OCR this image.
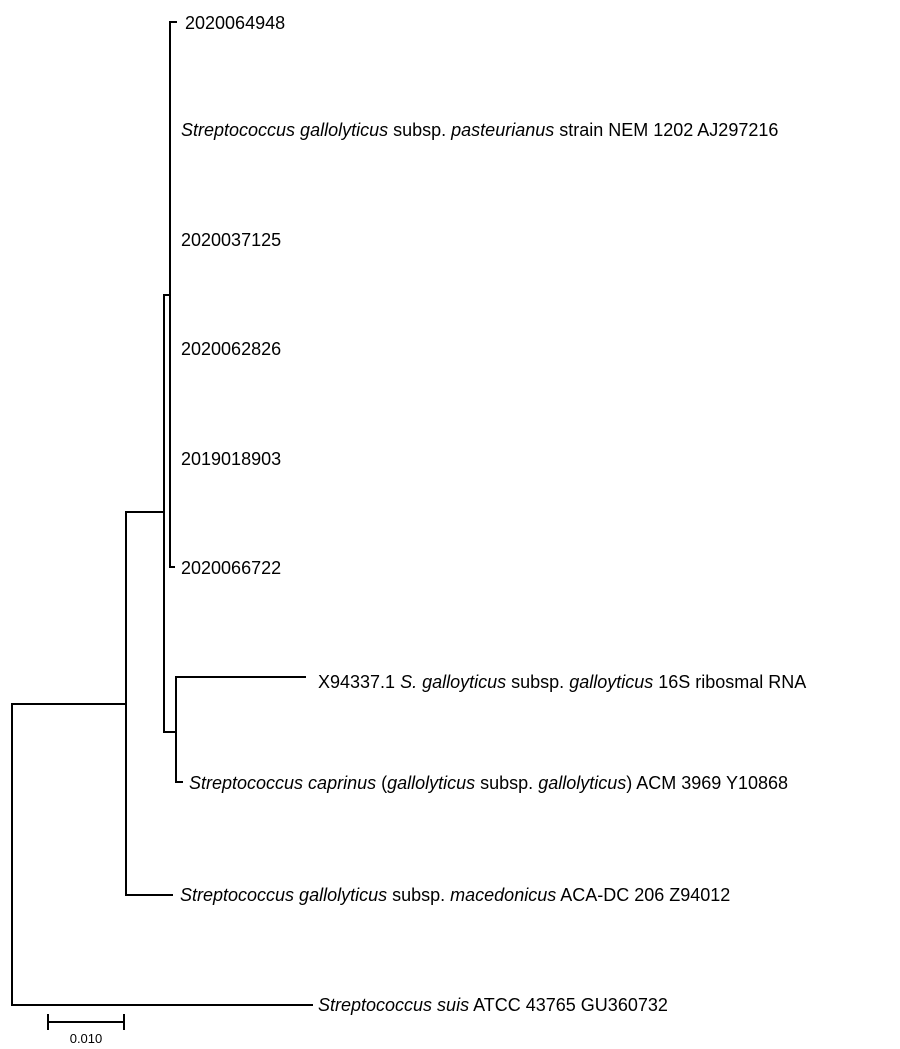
2020064948
Streptococcus gallolyticus subsp. pasteurianus strain NEM 1202 AJ297216
2020037125
2020062826
2019018903
2020066722
X94337.1 S. galloyticus subsp. galloyticus 16S ribosmal RNA
Streptococcus caprinus (gallolyticus subsp. gallolyticus) ACM 3969 Y10868
Streptococcus gallolyticus subsp. macedonicus ACA-DC 206 Z94012
Streptococcus suis ATCC 43765 GU360732
0.010
